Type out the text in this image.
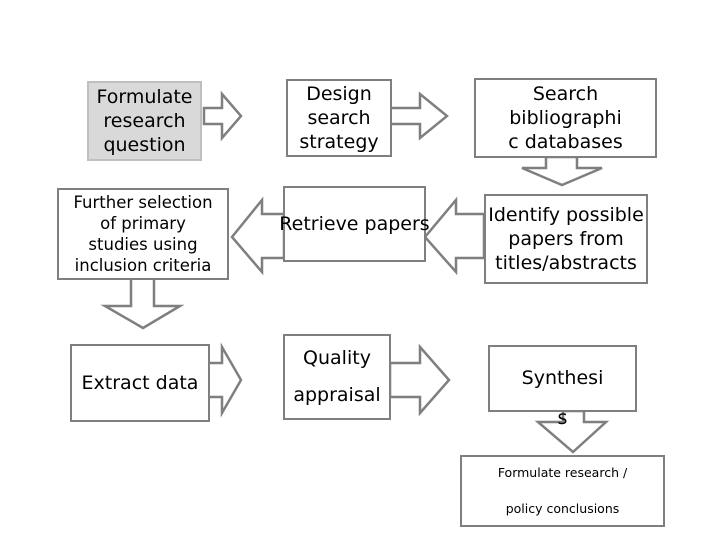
Formulate
research
question
Design
search
strategy
Search
bibliographi
c databases
Further selection
of primary
studies using
inclusion criteria
Retrieve papers	Identify possible
papers from
titles/abstracts
Extract data
Quality
appraisal
Synthesi
s
Formulate research /
policy conclusions
